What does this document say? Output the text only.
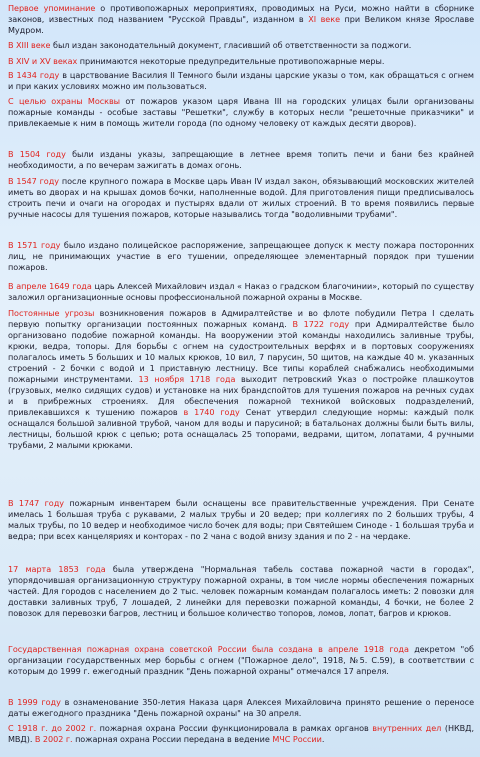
Первое упоминание о противопожарных мероприятиях, проводимых на Руси, можно найти в сборнике законов, известных под названием "Русской Правды", изданном в XI веке при Великом князе Ярославе Мудром.

В XIII веке был издан законодательный документ, гласивший об ответственности за поджоги.

В XIV и XV веках принимаются некоторые предупредительные противопожарные меры.

В 1434 году в царствование Василия II Темного были изданы царские указы о том, как обращаться с огнем и при каких условиях можно им пользоваться.

С целью охраны Москвы от пожаров указом царя Ивана III на городских улицах были организованы пожарные команды - особые заставы "Решетки", службу в которых несли "решеточные приказчики" и привлекаемые к ним в помощь жители города (по одному человеку от каждых десяти дворов).

В 1504 году были изданы указы, запрещающие в летнее время топить печи и бани без крайней необходимости, а по вечерам зажигать в домах огонь.

В 1547 году после крупного пожара в Москве царь Иван IV издал закон, обязывающий московских жителей иметь во дворах и на крышах домов бочки, наполненные водой. Для приготовления пищи предписывалось строить печи и очаги на огородах и пустырях вдали от жилых строений. В то время появились первые ручные насосы для тушения пожаров, которые назывались тогда "водоливными трубами".

В 1571 году было издано полицейское распоряжение, запрещающее допуск к месту пожара посторонних лиц, не принимающих участие в его тушении, определяющее элементарный порядок при тушении пожаров.

В апреле 1649 года царь Алексей Михайлович издал « Наказ о градском благочинии», который по существу заложил организационные основы профессиональной пожарной охраны в Москве.

Постоянные угрозы возникновения пожаров в Адмиралтействе и во флоте побудили Петра I сделать первую попытку организации постоянных пожарных команд. В 1722 году при Адмиралтействе было организовано подобие пожарной команды. На вооружении этой команды находились заливные трубы, крюки, ведра, топоры. Для борьбы с огнем на судостроительных верфях и в портовых сооружениях полагалось иметь 5 больших и 10 малых крюков, 10 вил, 7 парусин, 50 щитов, на каждые 40 м. указанных строений - 2 бочки с водой и 1 приставную лестницу. Все типы кораблей снабжались необходимыми пожарными инструментами. 13 ноября 1718 года выходит петровский Указ о постройке плашкоутов (грузовых, мелко сидящих судов) и установке на них брандспойтов для тушения пожаров на речных судах и в прибрежных строениях. Для обеспечения пожарной техникой войсковых подразделений, привлекавшихся к тушению пожаров в 1740 году Сенат утвердил следующие нормы: каждый полк оснащался большой заливной трубой, чаном для воды и парусиной; в батальонах должны были быть вилы, лестницы, большой крюк с цепью; рота оснащалась 25 топорами, ведрами, щитом, лопатами, 4 ручными трубами, 2 малыми крюками.

В 1747 году пожарным инвентарем были оснащены все правительственные учреждения. При Сенате имелась 1 большая труба с рукавами, 2 малых трубы и 20 ведер; при коллегиях по 2 больших трубы, 4 малых трубы, по 10 ведер и необходимое число бочек для воды; при Святейшем Синоде - 1 большая труба и ведра; при всех канцеляриях и конторах - по 2 чана с водой внизу здания и по 2 - на чердаке.

17 марта 1853 года была утверждена "Нормальная табель состава пожарной части в городах", упорядочившая организационную структуру пожарной охраны, в том числе нормы обеспечения пожарных частей. Для городов с населением до 2 тыс. человек пожарным командам полагалось иметь: 2 повозки для доставки заливных труб, 7 лошадей, 2 линейки для перевозки пожарной команды, 4 бочки, не более 2 повозок для перевозки багров, лестниц и большое количество топоров, ломов, лопат, багров и крюков.

Государственная пожарная охрана советской России была создана в апреле 1918 года декретом "об организации государственных мер борьбы с огнем ("Пожарное дело", 1918, №5. С.59), в соответствии с которым до 1999 г. ежегодный праздник "День пожарной охраны" отмечался 17 апреля.

В 1999 году в ознаменование 350-летия Наказа царя Алексея Михайловича принято решение о переносе даты ежегодного праздника "День пожарной охраны" на 30 апреля.

С 1918 г. до 2002 г. пожарная охрана России функционировала в рамках органов внутренних дел (НКВД, МВД). В 2002 г. пожарная охрана России передана в ведение МЧС России.
